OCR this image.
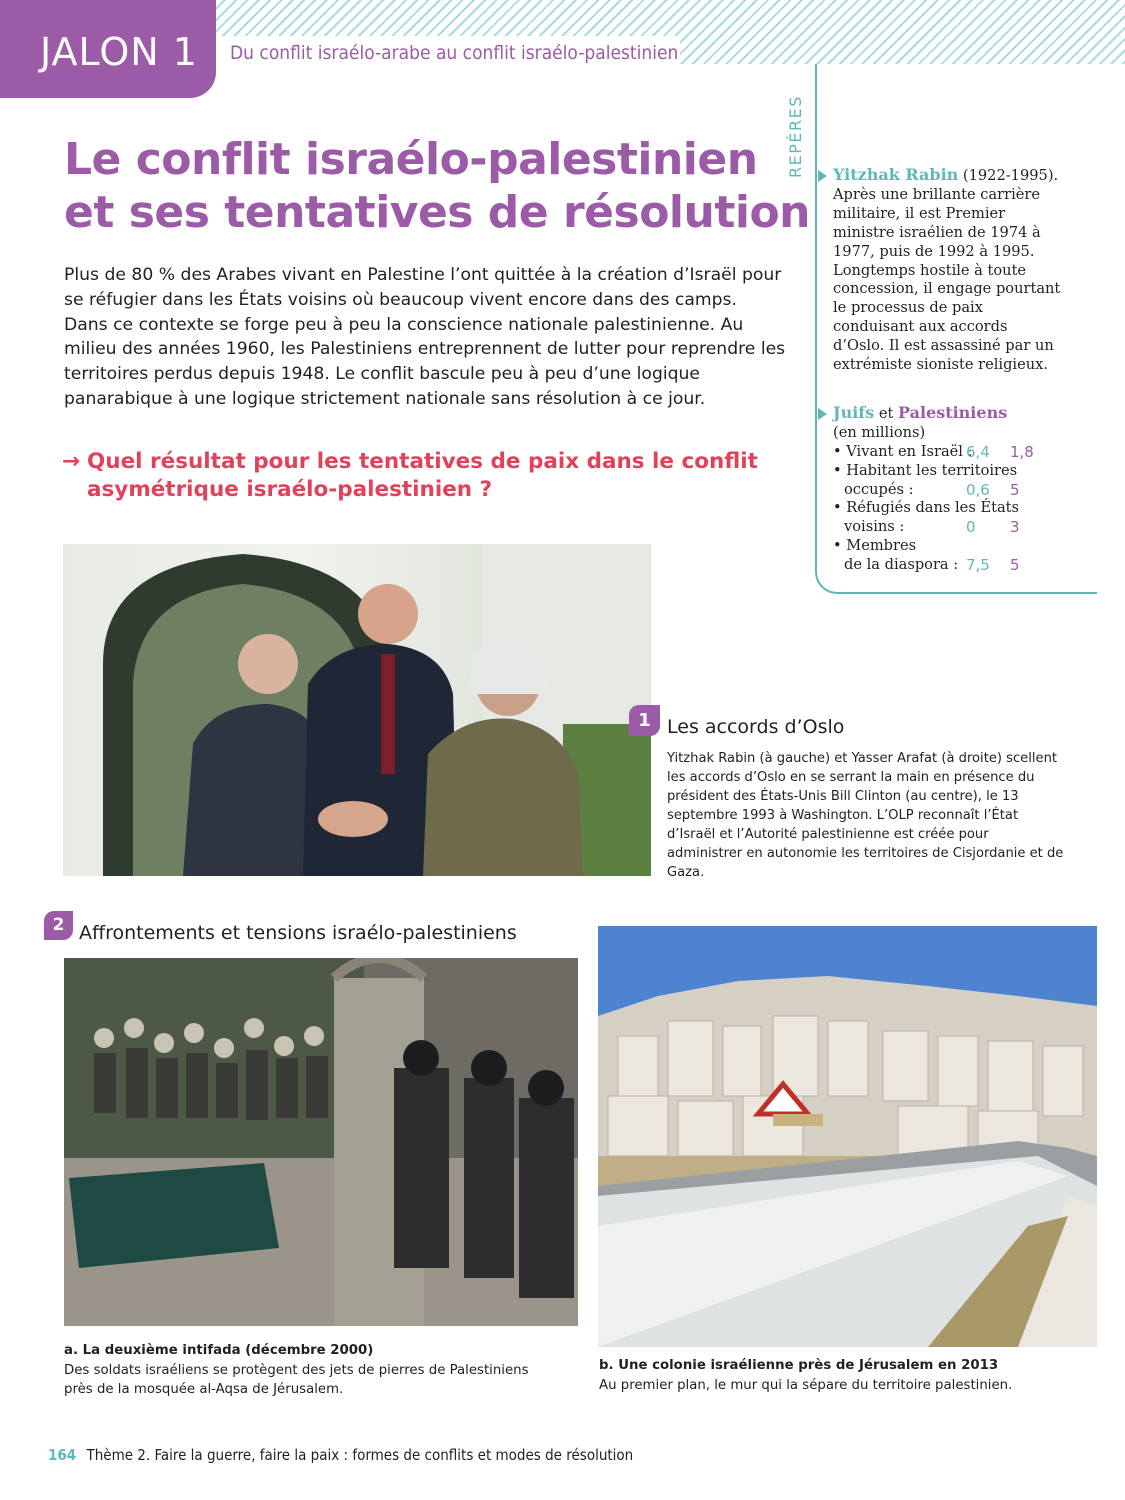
JALON 1	Du conflit israélo-arabe au conflit israélo-palestinien
Le conflit israélo-palestinien
et ses tentatives de résolution
Plus de 80 % des Arabes vivant en Palestine l’ont quittée à la création d’Israël pour se réfugier dans les États voisins où beaucoup vivent encore dans des camps. Dans ce contexte se forge peu à peu la conscience nationale palestinienne. Au milieu des années 1960, les Palestiniens entreprennent de lutter pour reprendre les territoires perdus depuis 1948. Le conflit bascule peu à peu d’une logique panarabique à une logique strictement nationale sans résolution à ce jour.
→ Quel résultat pour les tentatives de paix dans le conflit asymétrique israélo-palestinien ?
REPÈRES	Yitzhak Rabin (1922-1995). Après une brillante carrière militaire, il est Premier ministre israélien de 1974 à 1977, puis de 1992 à 1995. Longtemps hostile à toute concession, il engage pourtant le processus de paix conduisant aux accords d’Oslo. Il est assassiné par un extrémiste sioniste religieux.
Juifs et Palestiniens
(en millions)
• Vivant en Israël :
6,4 1,8
• Habitant les territoires
occupés :	0,6 5
• Réfugiés dans les États
voisins :	0 3
• Membres
de la diaspora : 7,5 5
1 Les accords d’Oslo
Yitzhak Rabin (à gauche) et Yasser Arafat (à droite) scellent les accords d’Oslo en se serrant la main en présence du président des États-Unis Bill Clinton (au centre), le 13 septembre 1993 à Washington. L’OLP reconnaît l’État d’Israël et l’Autorité palestinienne est créée pour administrer en autonomie les territoires de Cisjordanie et de Gaza.
2 Affrontements et tensions israélo-palestiniens
a. La deuxième intifada (décembre 2000)
Des soldats israéliens se protègent des jets de pierres de Palestiniens près de la mosquée al-Aqsa de Jérusalem.
b. Une colonie israélienne près de Jérusalem en 2013
Au premier plan, le mur qui la sépare du territoire palestinien.
164 Thème 2. Faire la guerre, faire la paix : formes de conflits et modes de résolution
